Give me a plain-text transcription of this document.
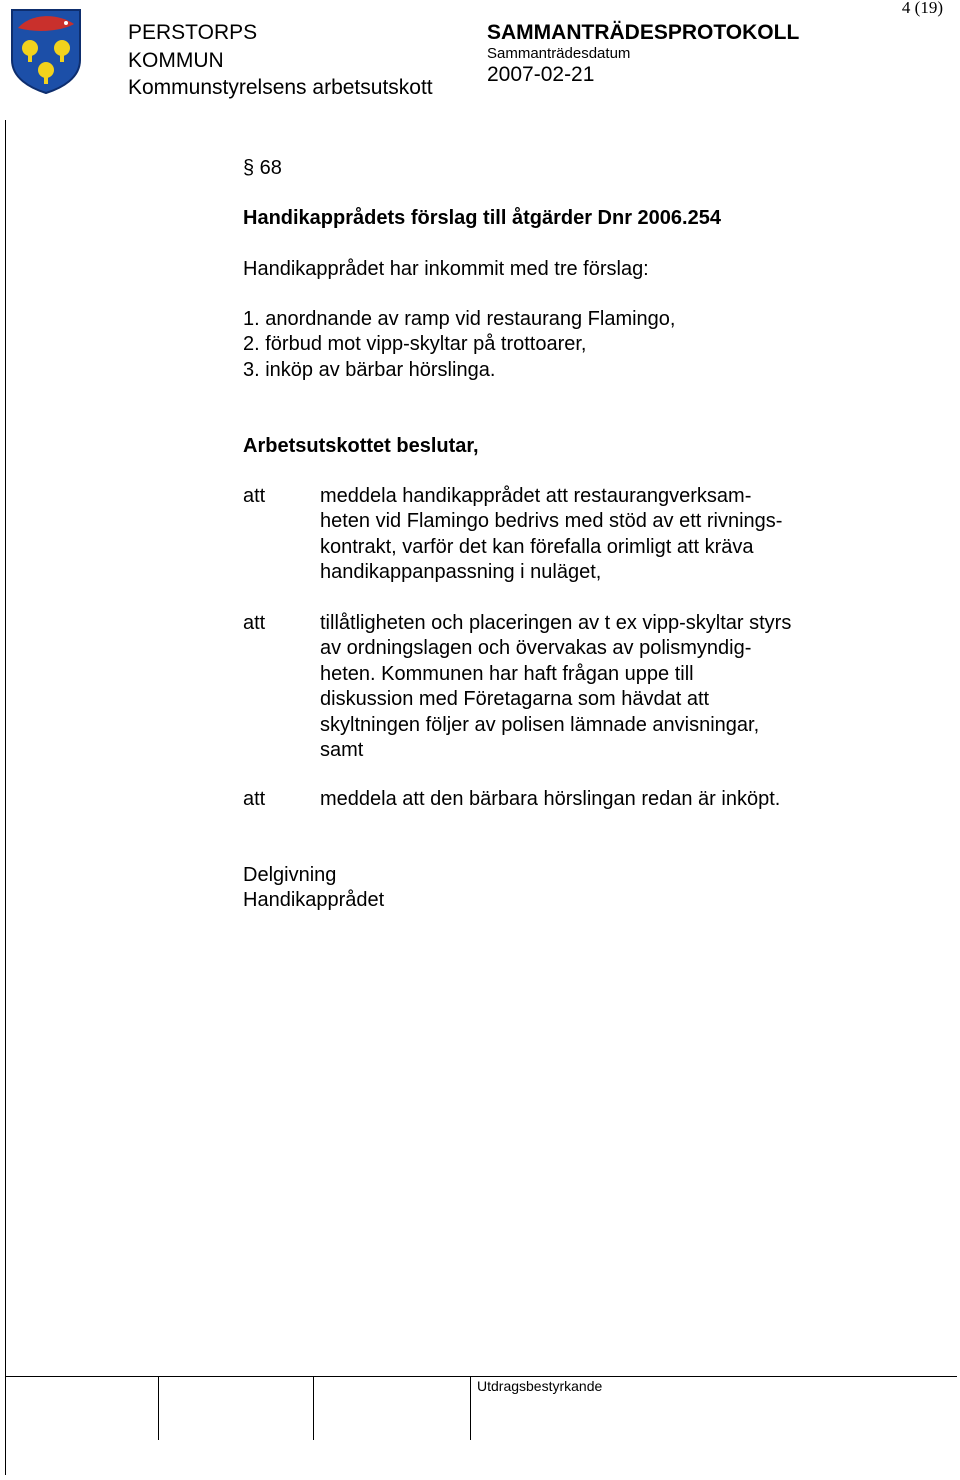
PERSTORPS
KOMMUN
Kommunstyrelsens arbetsutskott
SAMMANTRÄDESPROTOKOLL
Sammanträdesdatum
2007-02-21
4 (19)
§ 68
Handikapprådets förslag till åtgärder Dnr 2006.254
Handikapprådet har inkommit med tre förslag:
1. anordnande av ramp vid restaurang Flamingo,
2. förbud mot vipp-skyltar på trottoarer,
3. inköp av bärbar hörslinga.
Arbetsutskottet beslutar,
att	meddela handikapprådet att restaurangverksam-
heten vid Flamingo bedrivs med stöd av ett rivnings-
kontrakt, varför det kan förefalla orimligt att kräva
handikappanpassning i nuläget,
att	tillåtligheten och placeringen av t ex vipp-skyltar styrs
av ordningslagen och övervakas av polismyndig-
heten. Kommunen har haft frågan uppe till
diskussion med Företagarna som hävdat att
skyltningen följer av polisen lämnade anvisningar,
samt
att	meddela att den bärbara hörslingan redan är inköpt.
Delgivning
Handikapprådet
Utdragsbestyrkande
